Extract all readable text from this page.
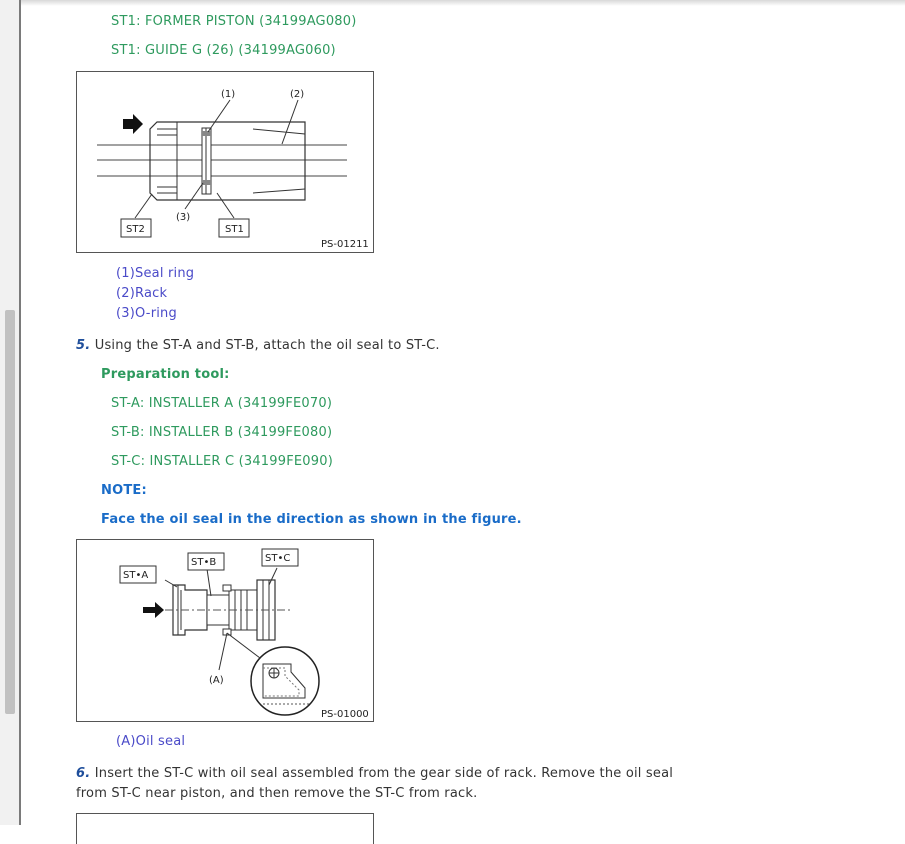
ST1: FORMER PISTON (34199AG080)
ST1: GUIDE G (26) (34199AG060)
(1)	(2)
(3)
ST2	ST1
PS-01211
(1)Seal ring
(2)Rack
(3)O-ring
5. Using the ST-A and ST-B, attach the oil seal to ST-C.
Preparation tool:
ST-A: INSTALLER A (34199FE070)
ST-B: INSTALLER B (34199FE080)
ST-C: INSTALLER C (34199FE090)
NOTE:
Face the oil seal in the direction as shown in the figure.
ST•A
ST•B	ST•C
(A)
PS-01000
(A)Oil seal
6. Insert the ST-C with oil seal assembled from the gear side of rack. Remove the oil seal
from ST-C near piston, and then remove the ST-C from rack.
